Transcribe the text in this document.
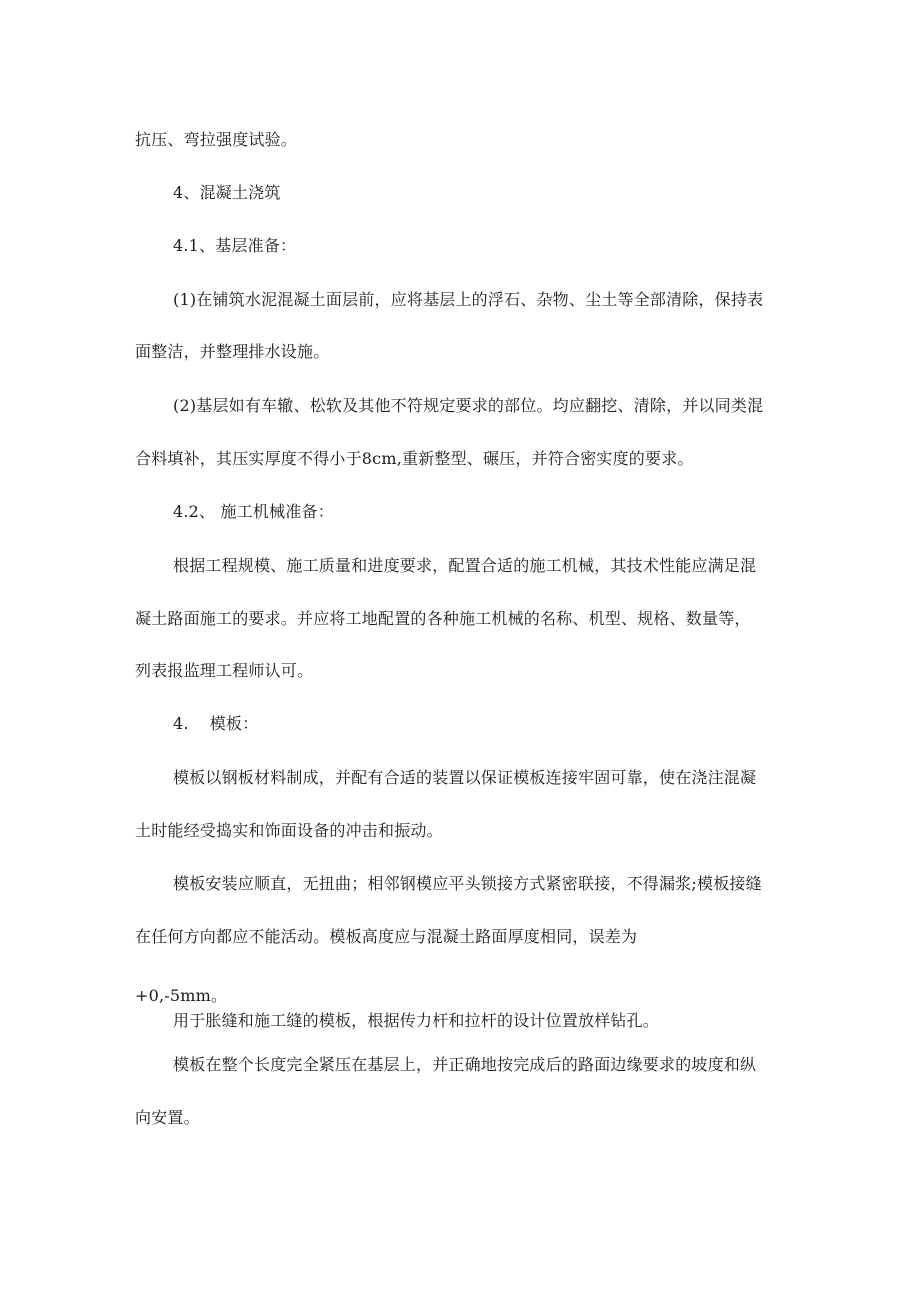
抗压、弯拉强度试验。
4、混凝土浇筑
4.1、基层准备：
(1)在铺筑水泥混凝土面层前，应将基层上的浮石、杂物、尘土等全部清除，保持表
面整洁，并整理排水设施。
(2)基层如有车辙、松软及其他不符规定要求的部位。均应翻挖、清除，并以同类混
合料填补，其压实厚度不得小于8cm,重新整型、碾压，并符合密实度的要求。
4.2、 施工机械准备：
根据工程规模、施工质量和进度要求，配置合适的施工机械，其技术性能应满足混
凝土路面施工的要求。并应将工地配置的各种施工机械的名称、机型、规格、数量等，
列表报监理工程师认可。
4.    模板：
模板以钢板材料制成，并配有合适的装置以保证模板连接牢固可靠，使在浇注混凝
土时能经受捣实和饰面设备的冲击和振动。
模板安装应顺直，无扭曲；相邻钢模应平头锁接方式紧密联接，不得漏浆;模板接缝
在任何方向都应不能活动。模板高度应与混凝土路面厚度相同，误差为
+0,-5mm。
用于胀缝和施工缝的模板，根据传力杆和拉杆的设计位置放样钻孔。
模板在整个长度完全紧压在基层上，并正确地按完成后的路面边缘要求的坡度和纵
向安置。
